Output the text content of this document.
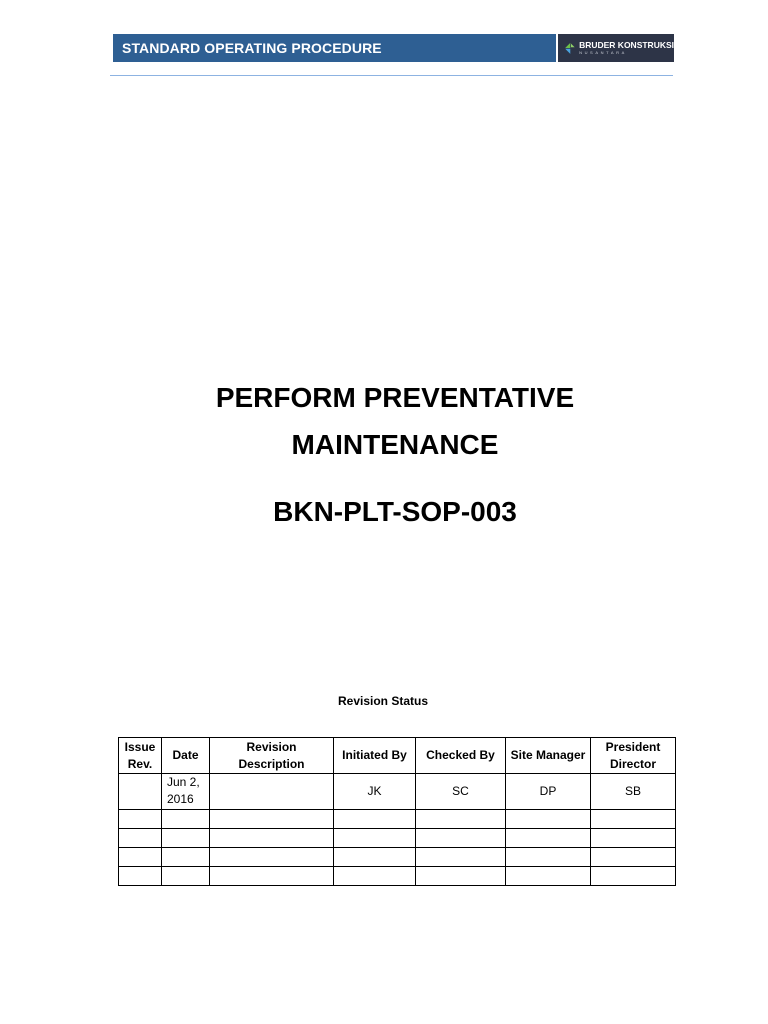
STANDARD OPERATING PROCEDURE	BRUDER KONSTRUKSI
NUSANTARA

PERFORM PREVENTATIVE

MAINTENANCE

BKN-PLT-SOP-003
Revision Status
Issue Rev.	Date	Revision Description	Initiated By	Checked By	Site Manager	President Director
	Jun 2, 2016		JK	SC	DP	SB
